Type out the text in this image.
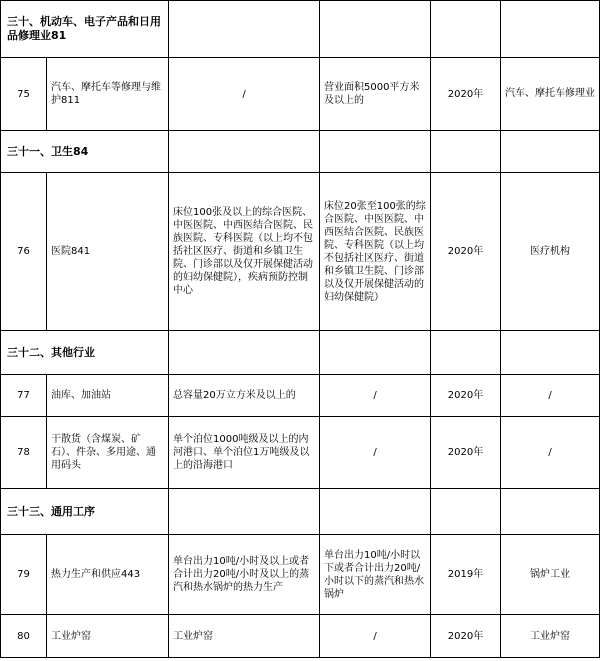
三十、机动车、电子产品和日用品修理业81					
75	汽车、摩托车等修理与维护811	/	营业面积5000平方米及以上的	2020年	汽车、摩托车修理业
三十一、卫生84					
76	医院841	床位100张及以上的综合医院、中医医院、中西医结合医院、民族医院、专科医院（以上均不包括社区医疗、街道和乡镇卫生院、门诊部以及仅开展保健活动的妇幼保健院），疾病预防控制中心	床位20张至100张的综合医院、中医医院、中西医结合医院、民族医院、专科医院（以上均不包括社区医疗、街道和乡镇卫生院、门诊部以及仅开展保健活动的妇幼保健院）	2020年	医疗机构
三十二、其他行业					
77	油库、加油站	总容量20万立方米及以上的	/	2020年	/
78	干散货（含煤炭、矿石）、件杂、多用途、通用码头	单个泊位1000吨级及以上的内河港口、单个泊位1万吨级及以上的沿海港口	/	2020年	/
三十三、通用工序					
79	热力生产和供应443	单台出力10吨/小时及以上或者合计出力20吨/小时及以上的蒸汽和热水锅炉的热力生产	单台出力10吨/小时以下或者合计出力20吨/小时以下的蒸汽和热水锅炉	2019年	锅炉工业
80	工业炉窑	工业炉窑	/	2020年	工业炉窑
